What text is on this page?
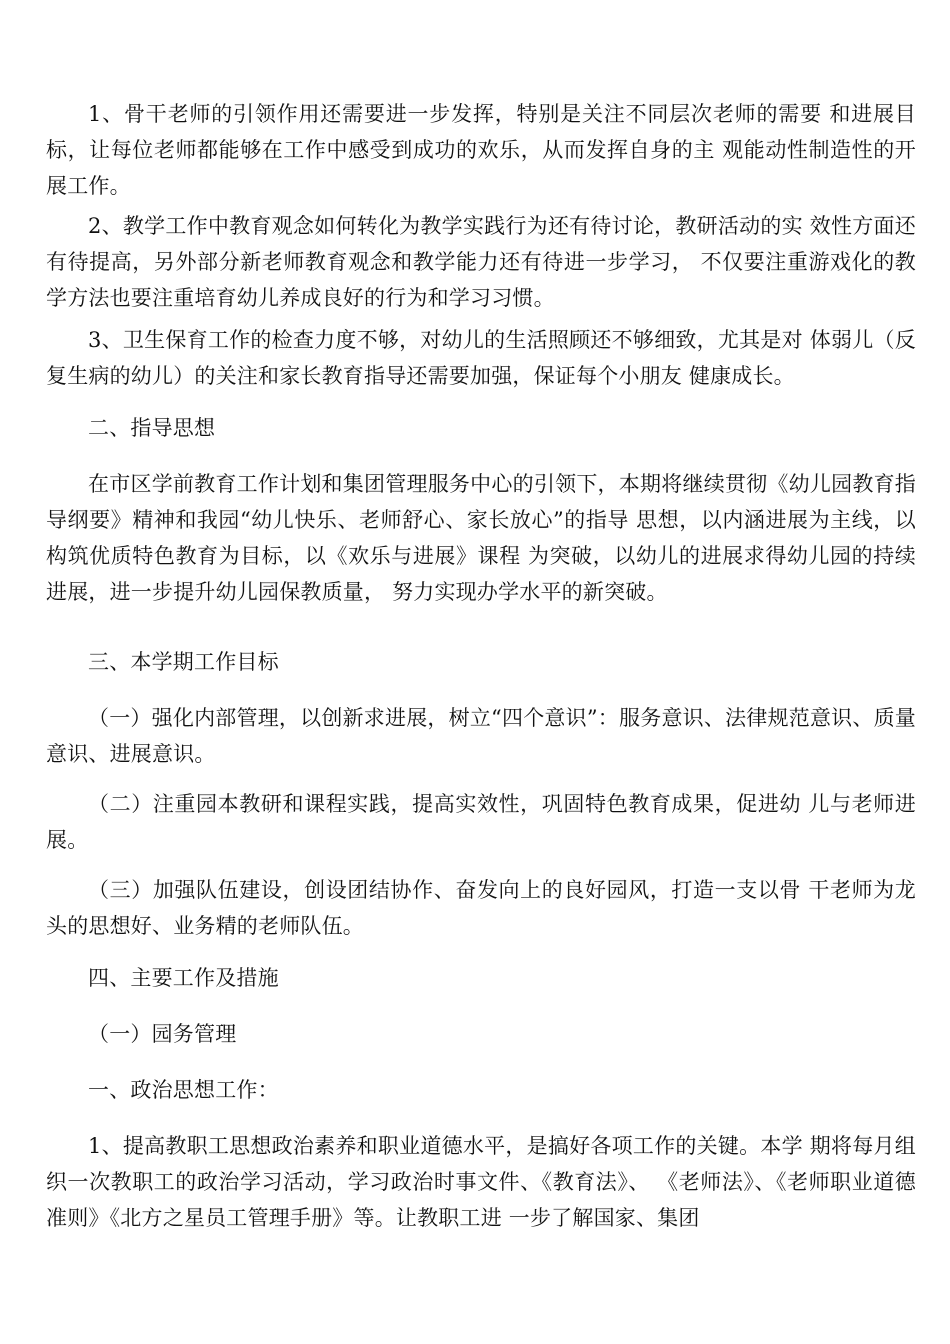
1、骨干老师的引领作用还需要进一步发挥，特别是关注不同层次老师的需要 和进展目标，让每位老师都能够在工作中感受到成功的欢乐，从而发挥自身的主 观能动性制造性的开展工作。

2、教学工作中教育观念如何转化为教学实践行为还有待讨论，教研活动的实 效性方面还有待提高，另外部分新老师教育观念和教学能力还有待进一步学习， 不仅要注重游戏化的教学方法也要注重培育幼儿养成良好的行为和学习习惯。

3、卫生保育工作的检查力度不够，对幼儿的生活照顾还不够细致，尤其是对 体弱儿（反复生病的幼儿）的关注和家长教育指导还需要加强，保证每个小朋友 健康成长。

二、指导思想

在市区学前教育工作计划和集团管理服务中心的引领下，本期将继续贯彻《幼儿园教育指导纲要》精神和我园“幼儿快乐、老师舒心、家长放心”的指导 思想，以内涵进展为主线，以构筑优质特色教育为目标，以《欢乐与进展》课程 为突破，以幼儿的进展求得幼儿园的持续进展，进一步提升幼儿园保教质量， 努力实现办学水平的新突破。

三、本学期工作目标

（一）强化内部管理，以创新求进展，树立“四个意识”：服务意识、法律规范意识、质量意识、进展意识。

（二）注重园本教研和课程实践，提高实效性，巩固特色教育成果，促进幼 儿与老师进展。

（三）加强队伍建设，创设团结协作、奋发向上的良好园风，打造一支以骨 干老师为龙头的思想好、业务精的老师队伍。

四、主要工作及措施

（一）园务管理

一、政治思想工作：

1、提高教职工思想政治素养和职业道德水平，是搞好各项工作的关键。本学 期将每月组织一次教职工的政治学习活动，学习政治时事文件、《教育法》、 《老师法》、《老师职业道德准则》《北方之星员工管理手册》等。让教职工进 一步了解国家、集团
